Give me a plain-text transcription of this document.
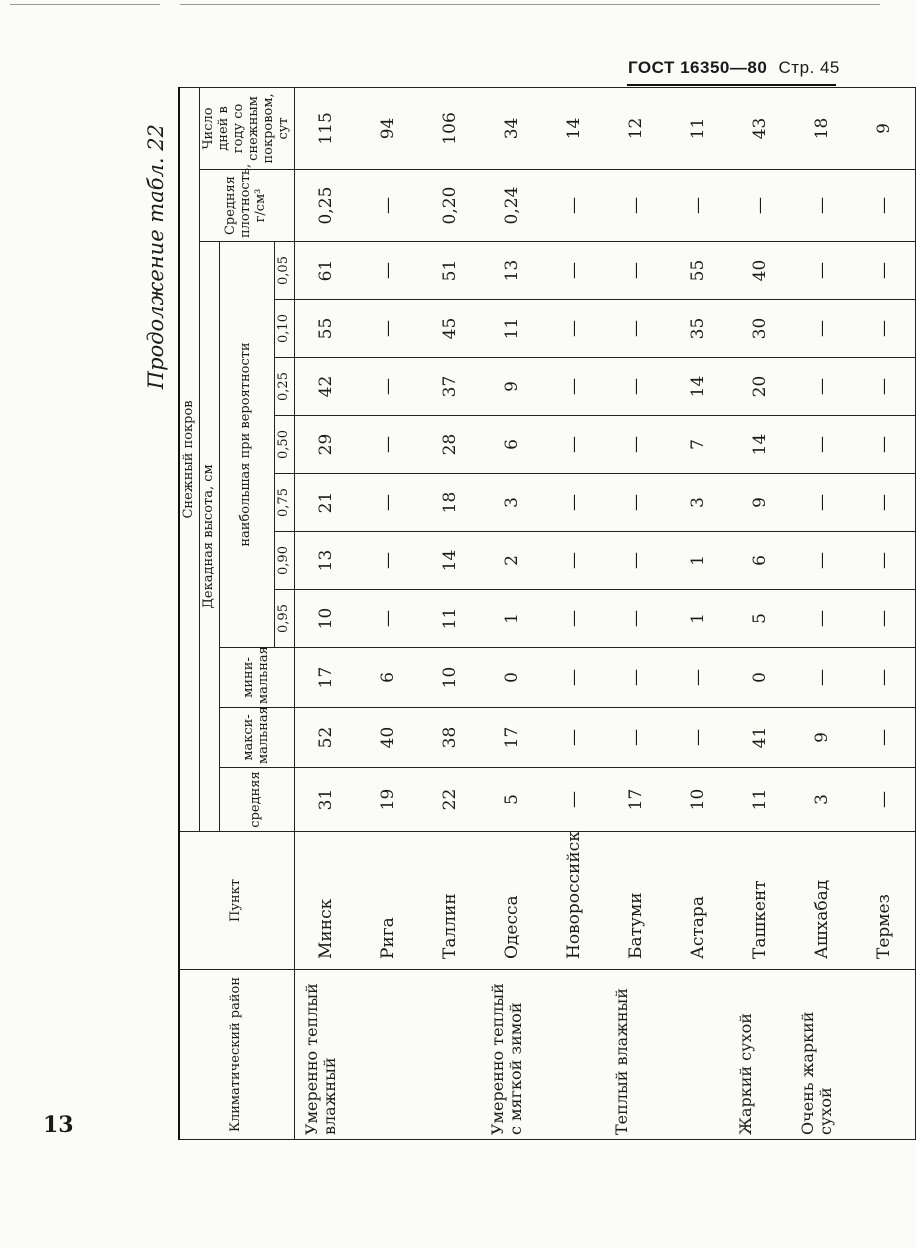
ГОСТ 16350—80 Стр. 45
13
Продолжение табл. 22
Климатический район	Пункт	Снежный покров											
		Декадная высота, см										Средняя плотность, г/см³	Число дней в году со снежным покровом, сут
		средняя	макси-мальная	мини-мальная	наибольшая при вероятности								
					0,95	0,90	0,75	0,50	0,25	0,10	0,05		
Умеренно теплый влажный	Минск	31	52	17	10	13	21	29	42	55	61	0,25	115
	Рига	19	40	6	—	—	—	—	—	—	—	—	94
	Таллин	22	38	10	11	14	18	28	37	45	51	0,20	106
Умеренно теплый с мягкой зимой	Одесса	5	17	0	1	2	3	6	9	11	13	0,24	34
	Новороссийск	—	—	—	—	—	—	—	—	—	—	—	14
Теплый влажный	Батуми	17	—	—	—	—	—	—	—	—	—	—	12
	Астара	10	—	—	1	1	3	7	14	35	55	—	11
Жаркий сухой	Ташкент	11	41	0	5	6	9	14	20	30	40	—	43
Очень жаркий сухой	Ашхабад	3	9	—	—	—	—	—	—	—	—	—	18
	Термез	—	—	—	—	—	—	—	—	—	—	—	9
